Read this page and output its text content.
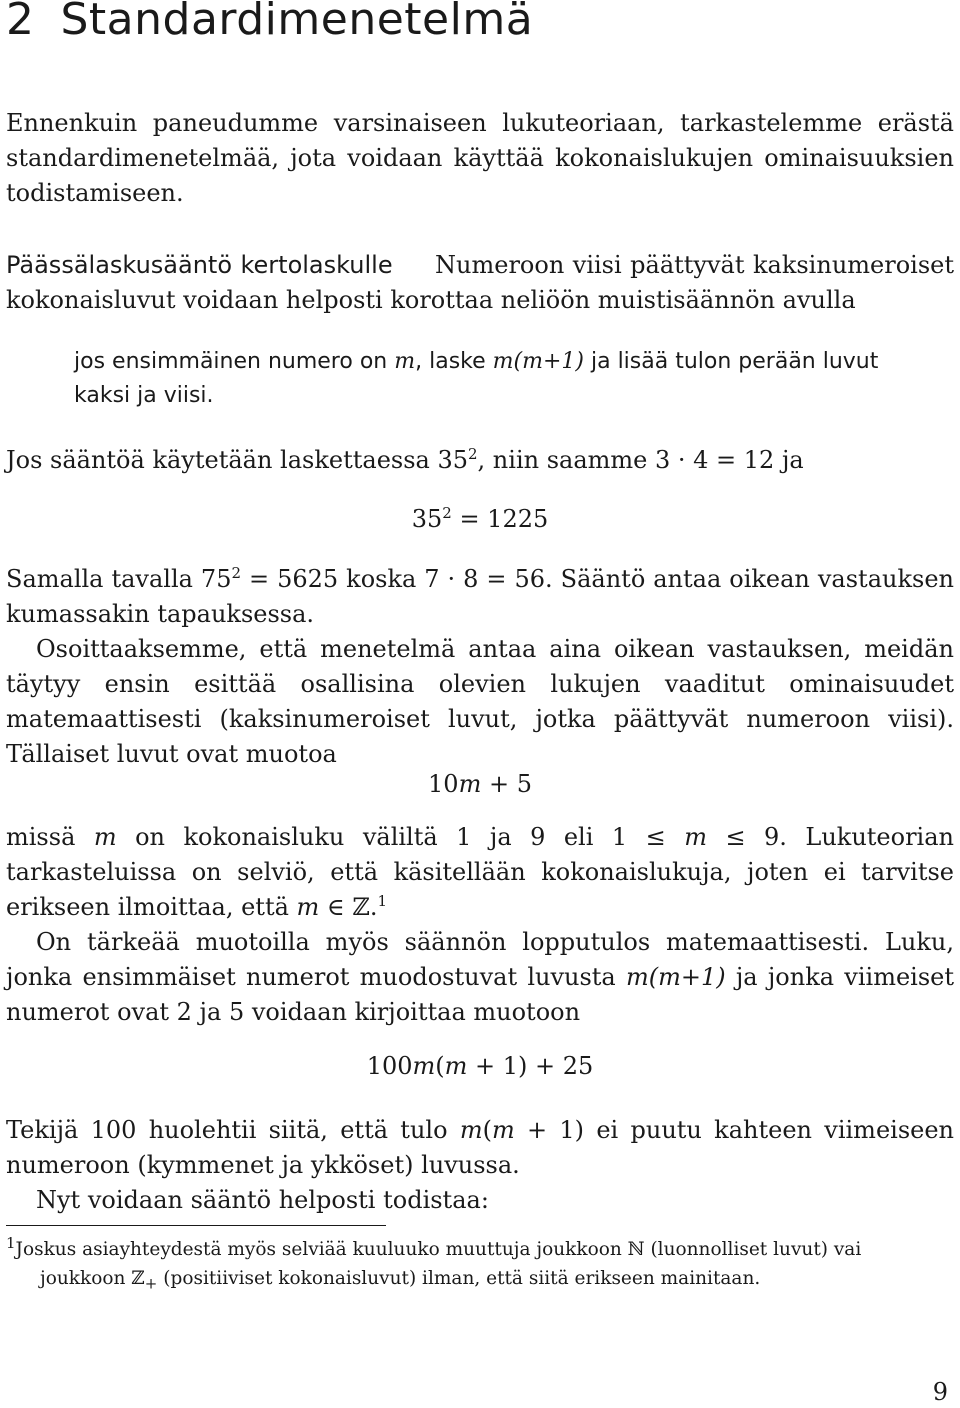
2 Standardimenetelmä

Ennenkuin paneudumme varsinaiseen lukuteoriaan, tarkastelemme erästä standardimenetelmää, jota voidaan käyttää kokonaislukujen ominaisuuksien todistamiseen.

Päässälaskusääntö kertolaskulle Numeroon viisi päättyvät kaksinumeroiset kokonaisluvut voidaan helposti korottaa neliöön muistisäännön avulla

jos ensimmäinen numero on m, laske m(m+1) ja lisää tulon perään luvut kaksi ja viisi.

Jos sääntöä käytetään laskettaessa $35^2$, niin saamme 3 · 4 = 12 ja

$35^2 = 1225$

Samalla tavalla $75^2 = 5625$ koska 7 · 8 = 56. Sääntö antaa oikean vastauksen kumassakin tapauksessa.

Osoittaaksemme, että menetelmä antaa aina oikean vastauksen, meidän täytyy ensin esittää osallisina olevien lukujen vaaditut ominaisuudet matemaattisesti (kaksinumeroiset luvut, jotka päättyvät numeroon viisi). Tällaiset luvut ovat muotoa

10m + 5

missä m on kokonaisluku väliltä 1 ja 9 eli 1 ≤ m ≤ 9. Lukuteorian tarkasteluissa on selviö, että käsitellään kokonaislukuja, joten ei tarvitse erikseen ilmoittaa, että m ∈ ℤ.$^1$

On tärkeää muotoilla myös säännön lopputulos matemaattisesti. Luku, jonka ensimmäiset numerot muodostuvat luvusta m(m+1) ja jonka viimeiset numerot ovat 2 ja 5 voidaan kirjoittaa muotoon

100m(m + 1) + 25

Tekijä 100 huolehtii siitä, että tulo m(m + 1) ei puutu kahteen viimeiseen numeroon (kymmenet ja ykköset) luvussa.

Nyt voidaan sääntö helposti todistaa:

$^1$Joskus asiayhteydestä myös selviää kuuluuko muuttuja joukkoon ℕ (luonnolliset luvut) vai
joukkoon ℤ$_+$ (positiiviset kokonaisluvut) ilman, että siitä erikseen mainitaan.
9
